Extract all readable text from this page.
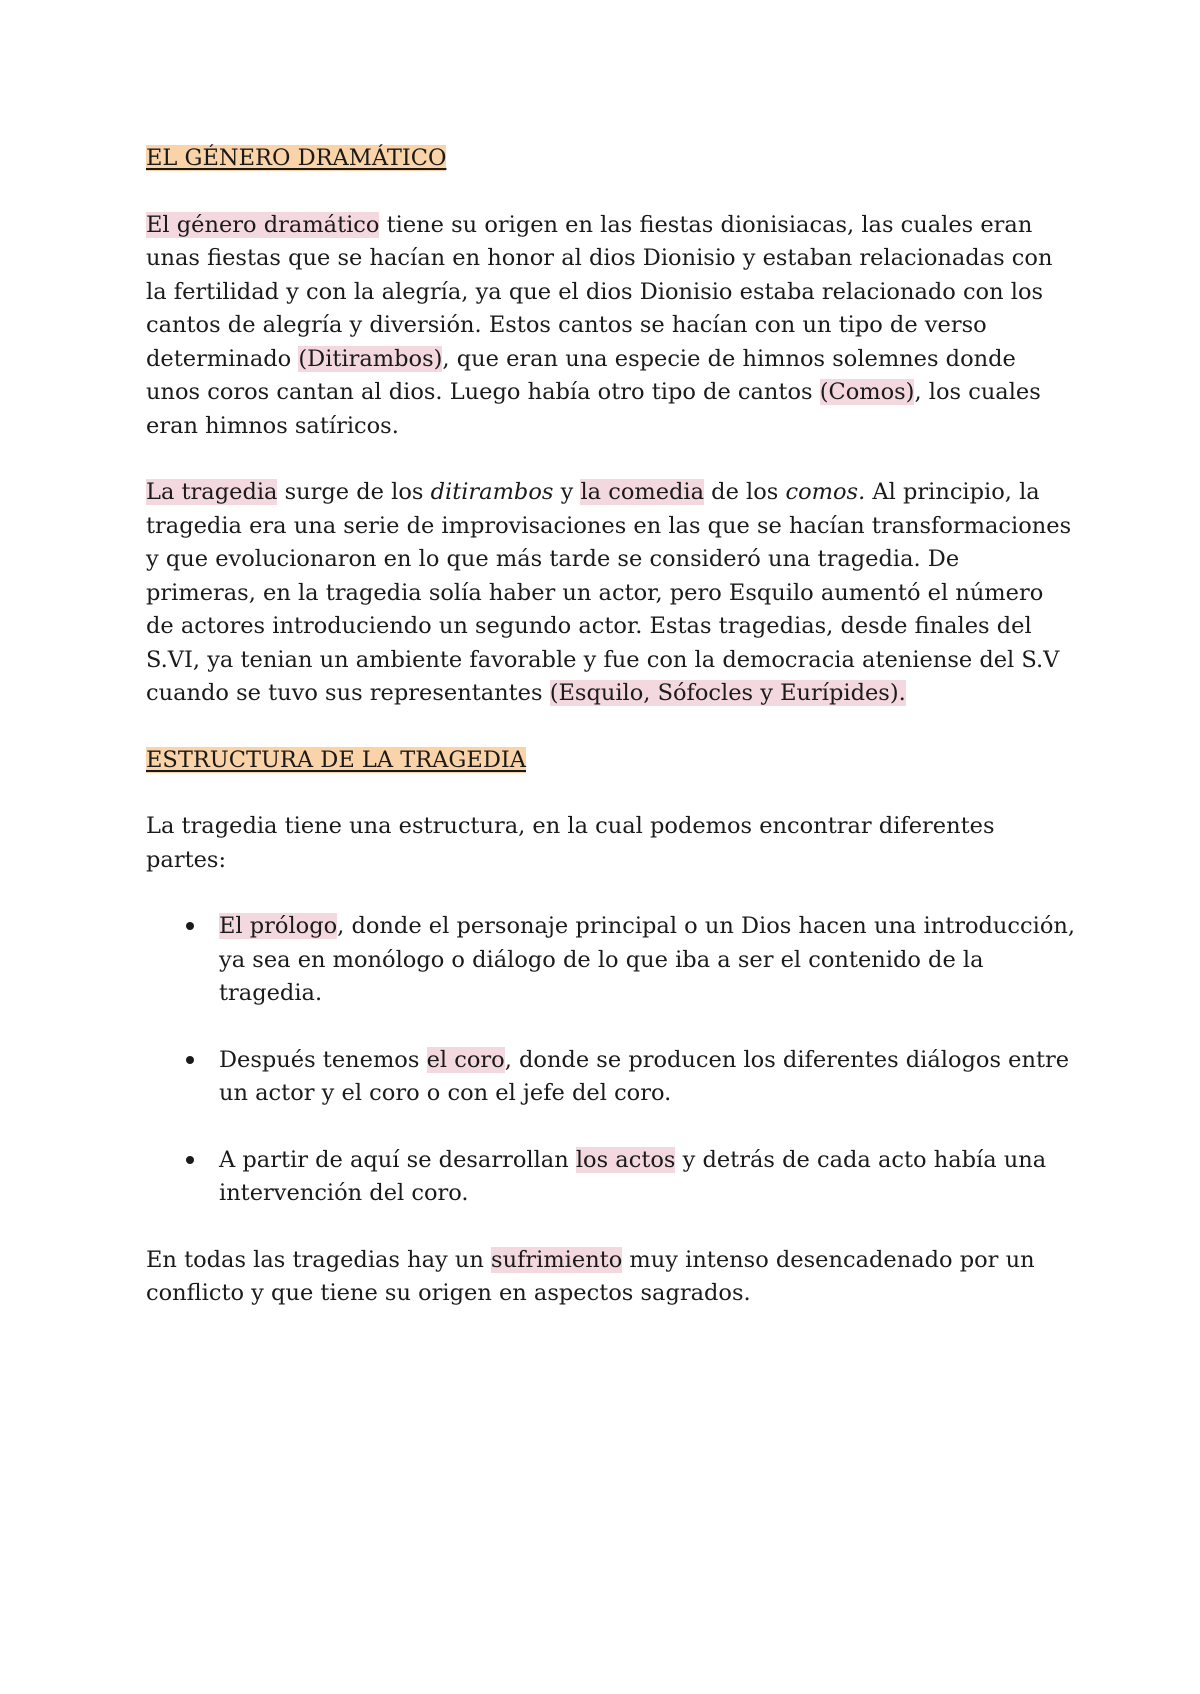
EL GÉNERO DRAMÁTICO

El género dramático tiene su origen en las fiestas dionisiacas, las cuales eran unas fiestas que se hacían en honor al dios Dionisio y estaban relacionadas con la fertilidad y con la alegría, ya que el dios Dionisio estaba relacionado con los cantos de alegría y diversión. Estos cantos se hacían con un tipo de verso determinado (Ditirambos), que eran una especie de himnos solemnes donde unos coros cantan al dios. Luego había otro tipo de cantos (Comos), los cuales eran himnos satíricos.

La tragedia surge de los ditirambos y la comedia de los comos. Al principio, la tragedia era una serie de improvisaciones en las que se hacían transformaciones y que evolucionaron en lo que más tarde se consideró una tragedia. De primeras, en la tragedia solía haber un actor, pero Esquilo aumentó el número de actores introduciendo un segundo actor. Estas tragedias, desde finales del S.VI, ya tenian un ambiente favorable y fue con la democracia ateniense del S.V cuando se tuvo sus representantes (Esquilo, Sófocles y Eurípides).

ESTRUCTURA DE LA TRAGEDIA

La tragedia tiene una estructura, en la cual podemos encontrar diferentes partes:

El prólogo, donde el personaje principal o un Dios hacen una introducción, ya sea en monólogo o diálogo de lo que iba a ser el contenido de la tragedia.
Después tenemos el coro, donde se producen los diferentes diálogos entre un actor y el coro o con el jefe del coro.
A partir de aquí se desarrollan los actos y detrás de cada acto había una intervención del coro.

En todas las tragedias hay un sufrimiento muy intenso desencadenado por un conflicto y que tiene su origen en aspectos sagrados.
